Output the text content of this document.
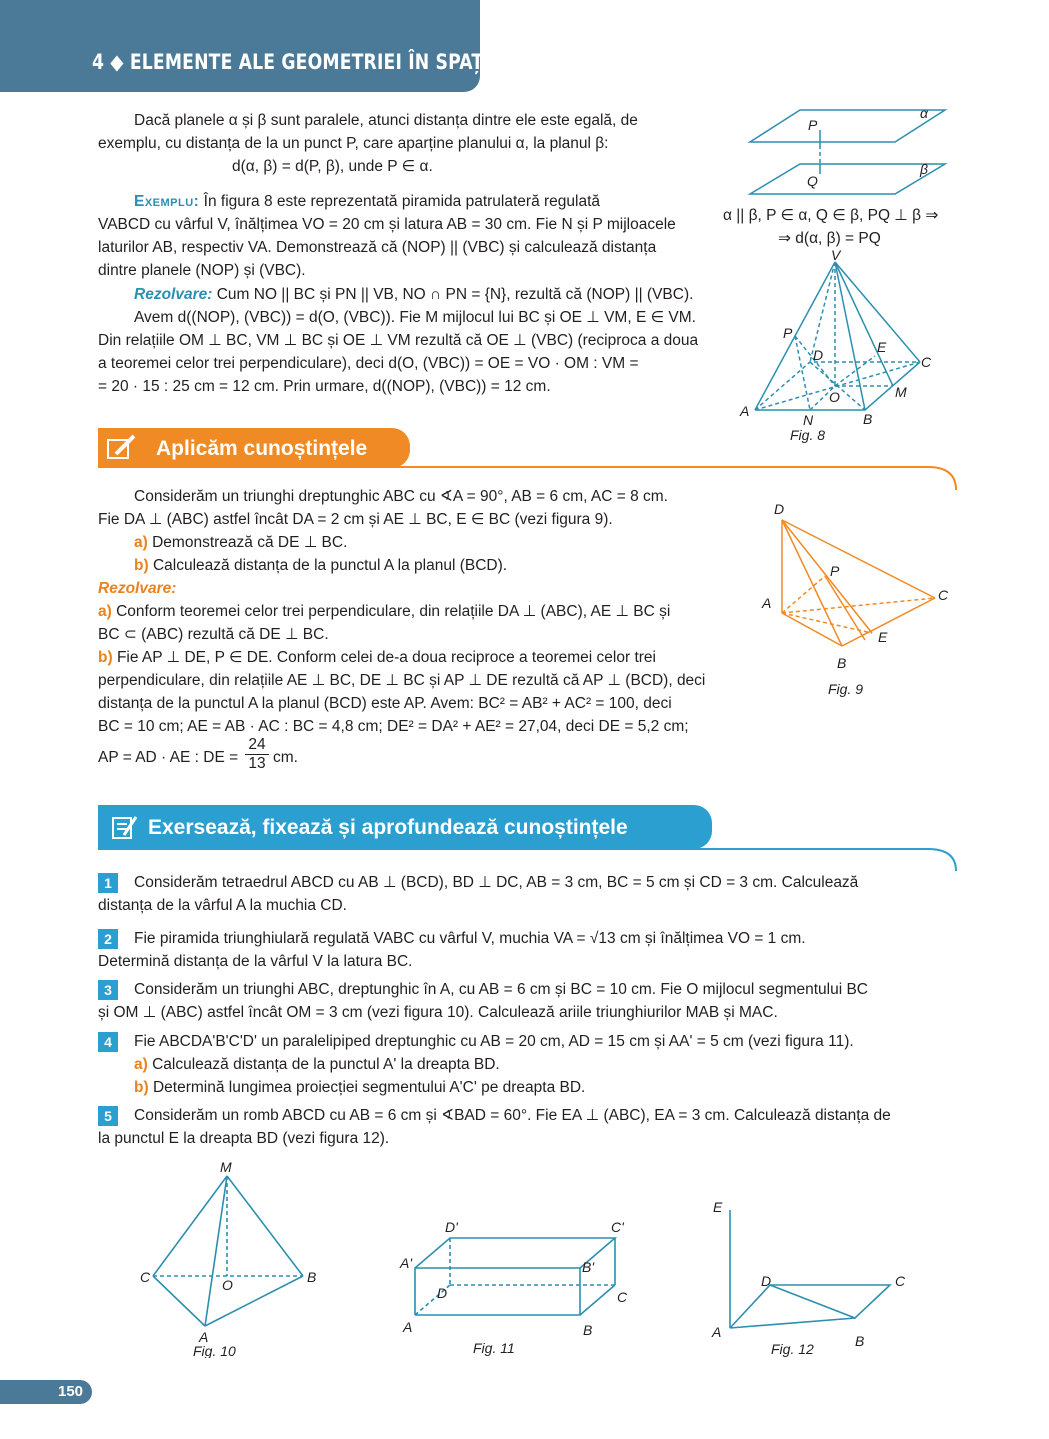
4 ◆ ELEMENTE ALE GEOMETRIEI ÎN SPAȚIU
Dacă planele α și β sunt paralele, atunci distanța dintre ele este egală, de
exemplu, cu distanța de la un punct P, care aparține planului α, la planul β:
d(α, β) = d(P, β), unde P ∈ α.
Exemplu: În figura 8 este reprezentată piramida patrulateră regulată
VABCD cu vârful V, înălțimea VO = 20 cm și latura AB = 30 cm. Fie N și P mijloacele
laturilor AB, respectiv VA. Demonstrează că (NOP) || (VBC) și calculează distanța
dintre planele (NOP) și (VBC).
Rezolvare: Cum NO || BC și PN || VB, NO ∩ PN = {N}, rezultă că (NOP) || (VBC).
Avem d((NOP), (VBC)) = d(O, (VBC)). Fie M mijlocul lui BC și OE ⊥ VM, E ∈ VM.
Din relațiile OM ⊥ BC, VM ⊥ BC și OE ⊥ VM rezultă că OE ⊥ (VBC) (reciproca a doua
a teoremei celor trei perpendiculare), deci d(O, (VBC)) = OE = VO · OM : VM =
= 20 · 15 : 25 cm = 12 cm. Prin urmare, d((NOP), (VBC)) = 12 cm.
α || β, P ∈ α, Q ∈ β, PQ ⊥ β ⇒
⇒ d(α, β) = PQ
α
β
P
Q
V
P
D	E
C
O	M
A
N	B
Fig. 8
Aplicăm cunoștințele
Considerăm un triunghi dreptunghic ABC cu ∢A = 90°, AB = 6 cm, AC = 8 cm.
Fie DA ⊥ (ABC) astfel încât DA = 2 cm și AE ⊥ BC, E ∈ BC (vezi figura 9).
a) Demonstrează că DE ⊥ BC.
b) Calculează distanța de la punctul A la planul (BCD).
Rezolvare:
a) Conform teoremei celor trei perpendiculare, din relațiile DA ⊥ (ABC), AE ⊥ BC și
BC ⊂ (ABC) rezultă că DE ⊥ BC.
b) Fie AP ⊥ DE, P ∈ DE. Conform celei de-a doua reciproce a teoremei celor trei
perpendiculare, din relațiile AE ⊥ BC, DE ⊥ BC și AP ⊥ DE rezultă că AP ⊥ (BCD), deci
distanța de la punctul A la planul (BCD) este AP. Avem: BC² = AB² + AC² = 100, deci
BC = 10 cm; AE = AB · AC : BC = 4,8 cm; DE² = DA² + AE² = 27,04, deci DE = 5,2 cm;
AP = AD · AE : DE = $\frac{24}{13}$ cm.
D
P
A	C
E
B
Fig. 9
Exersează, fixează și aprofundează cunoștințele
1	Considerăm tetraedrul ABCD cu AB ⊥ (BCD), BD ⊥ DC, AB = 3 cm, BC = 5 cm și CD = 3 cm. Calculează
distanța de la vârful A la muchia CD.
2	Fie piramida triunghiulară regulată VABC cu vârful V, muchia VA = √13 cm și înălțimea VO = 1 cm.
Determină distanța de la vârful V la latura BC.
3	Considerăm un triunghi ABC, dreptunghic în A, cu AB = 6 cm și BC = 10 cm. Fie O mijlocul segmentului BC
și OM ⊥ (ABC) astfel încât OM = 3 cm (vezi figura 10). Calculează ariile triunghiurilor MAB și MAC.
4	Fie ABCDA'B'C'D' un paralelipiped dreptunghic cu AB = 20 cm, AD = 15 cm și AA' = 5 cm (vezi figura 11).
a) Calculează distanța de la punctul A' la dreapta BD.
b) Determină lungimea proiecției segmentului A'C' pe dreapta BD.
5	Considerăm un romb ABCD cu AB = 6 cm și ∢BAD = 60°. Fie EA ⊥ (ABC), EA = 3 cm. Calculează distanța de
la punctul E la dreapta BD (vezi figura 12).
M
C	O	B
A
Fig. 10
D'	C'
A'	B'
D	C
A	B
Fig. 11
E
D	C
A
B
Fig. 12
150
